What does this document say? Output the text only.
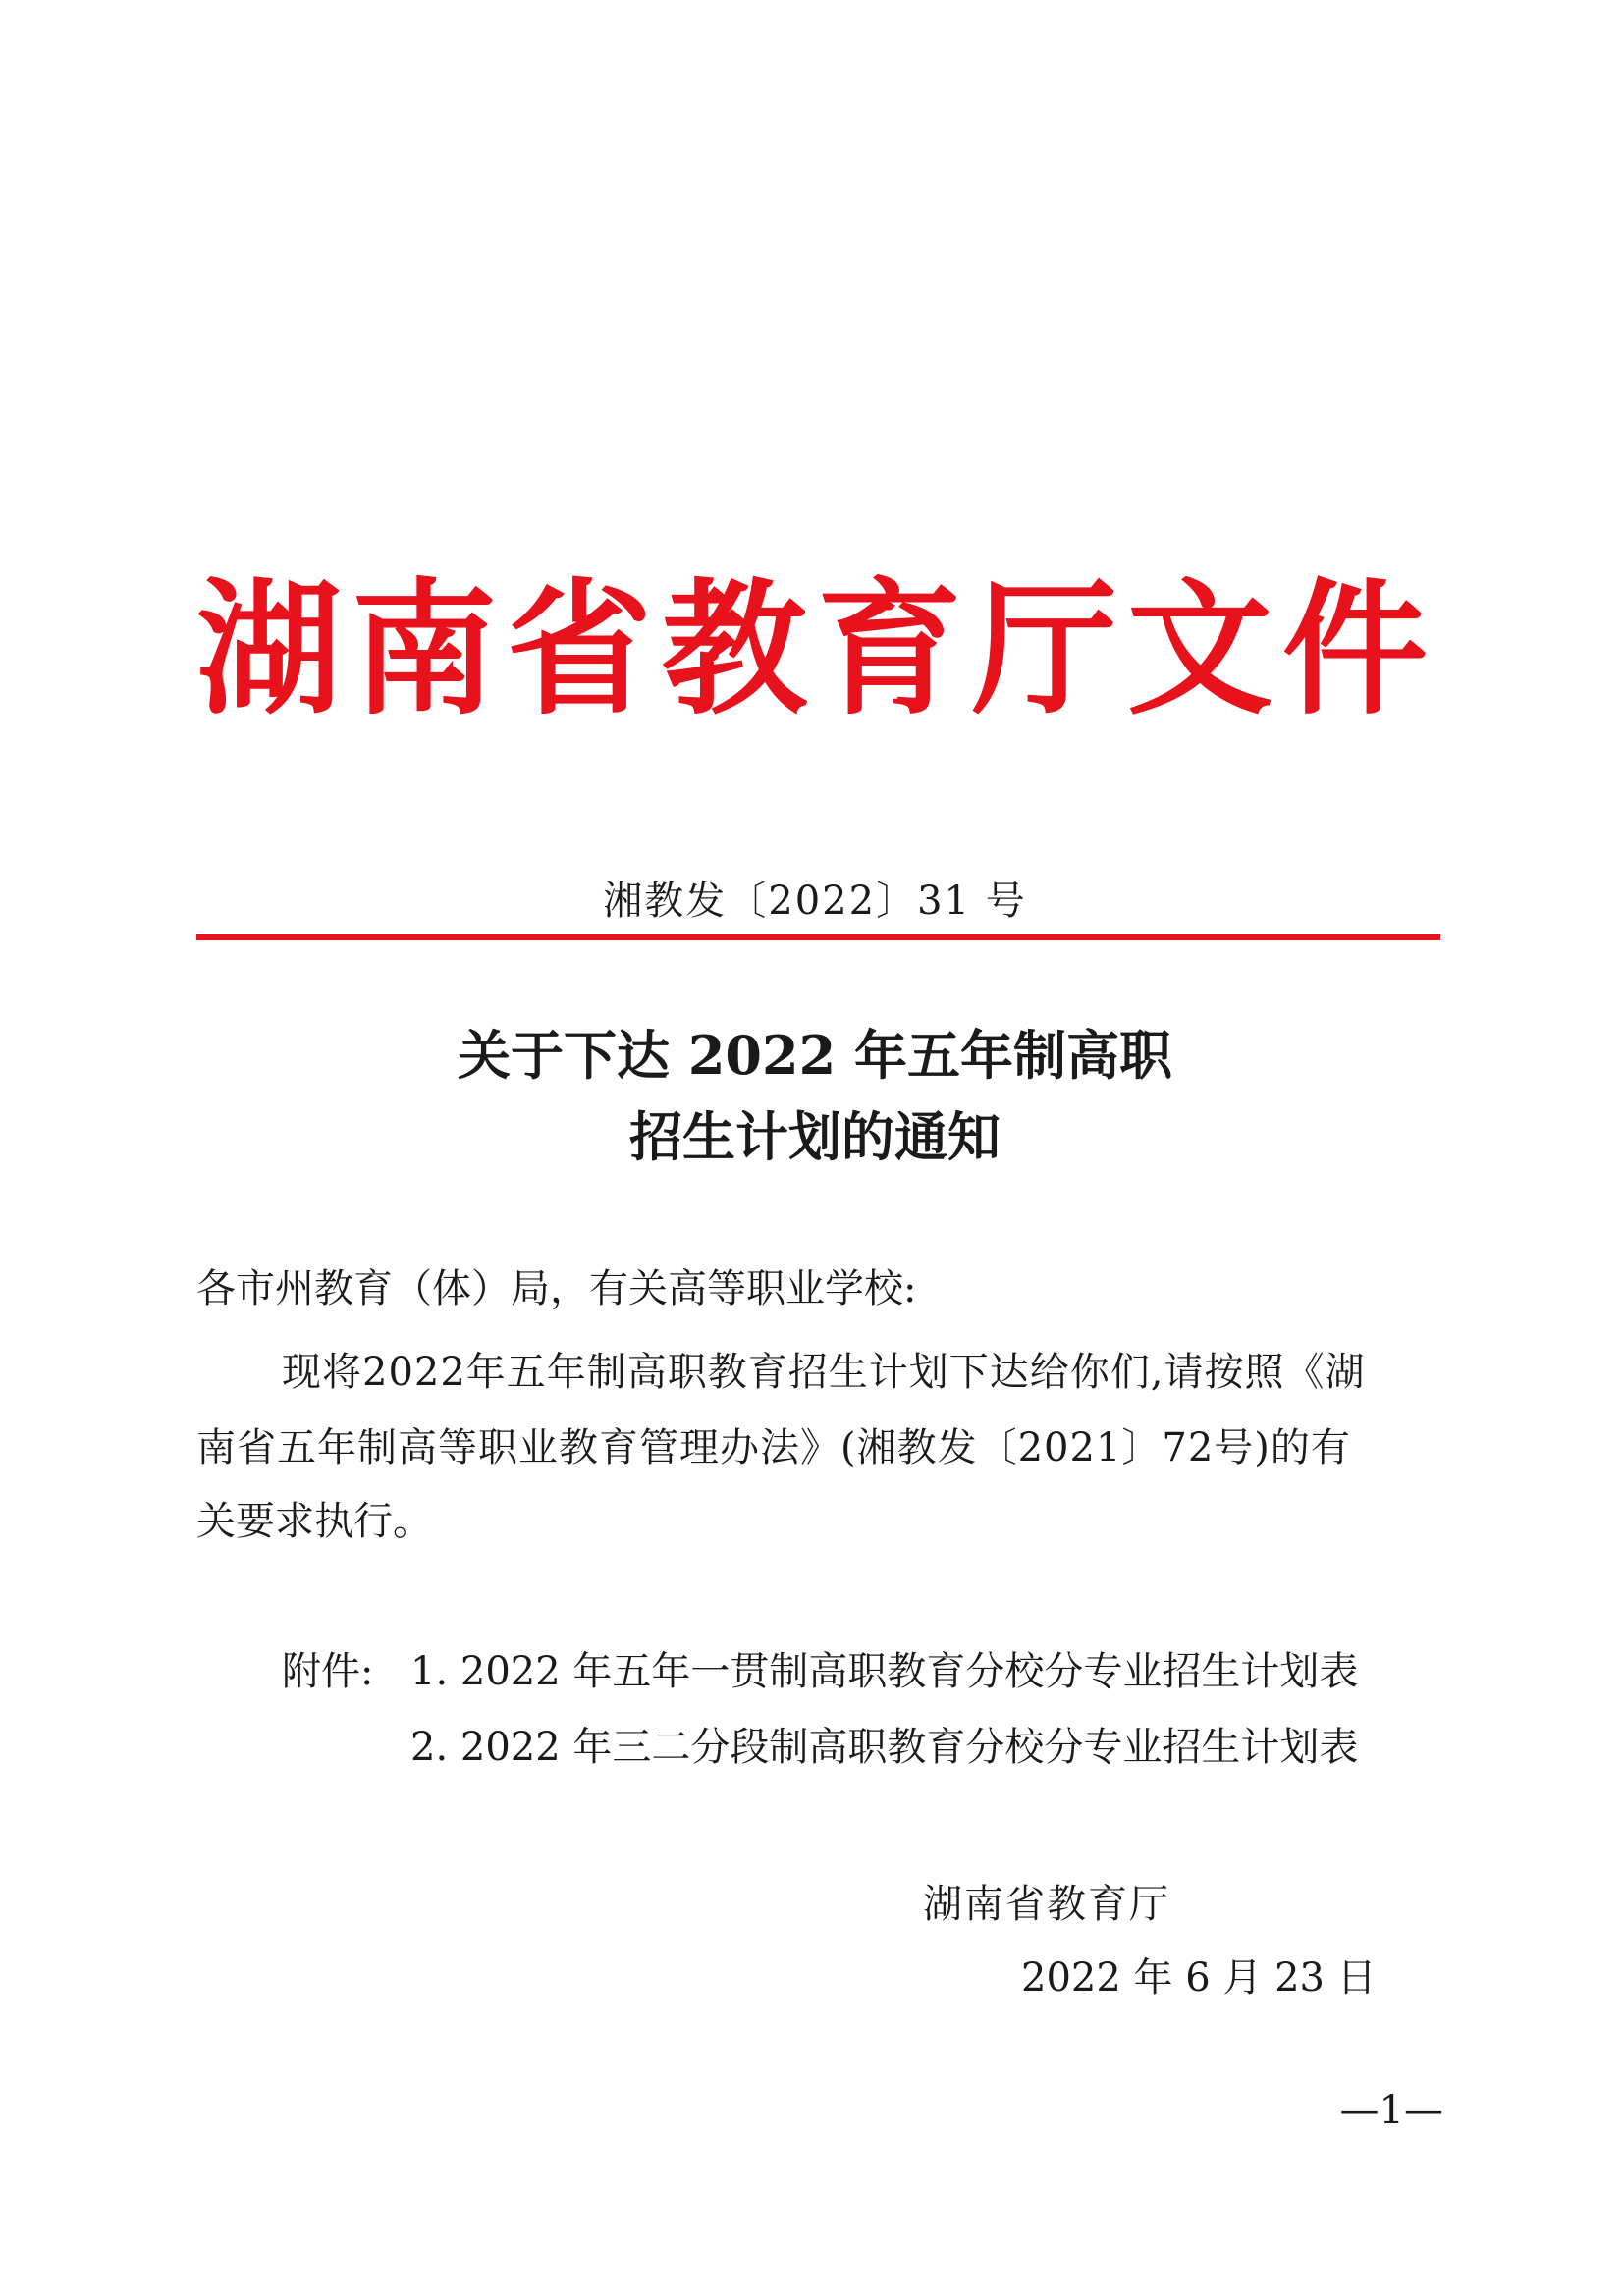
湖南省教育厅文件
湘教发〔2022〕31 号
关于下达 2022 年五年制高职
招生计划的通知
各市州教育（体）局，有关高等职业学校:
现将2022年五年制高职教育招生计划下达给你们,请按照《湖
南省五年制高等职业教育管理办法》(湘教发〔2021〕72号)的有
关要求执行。
附件: 1. 2022 年五年一贯制高职教育分校分专业招生计划表
2. 2022 年三二分段制高职教育分校分专业招生计划表
湖南省教育厅
2022 年 6 月 23 日
—1—
